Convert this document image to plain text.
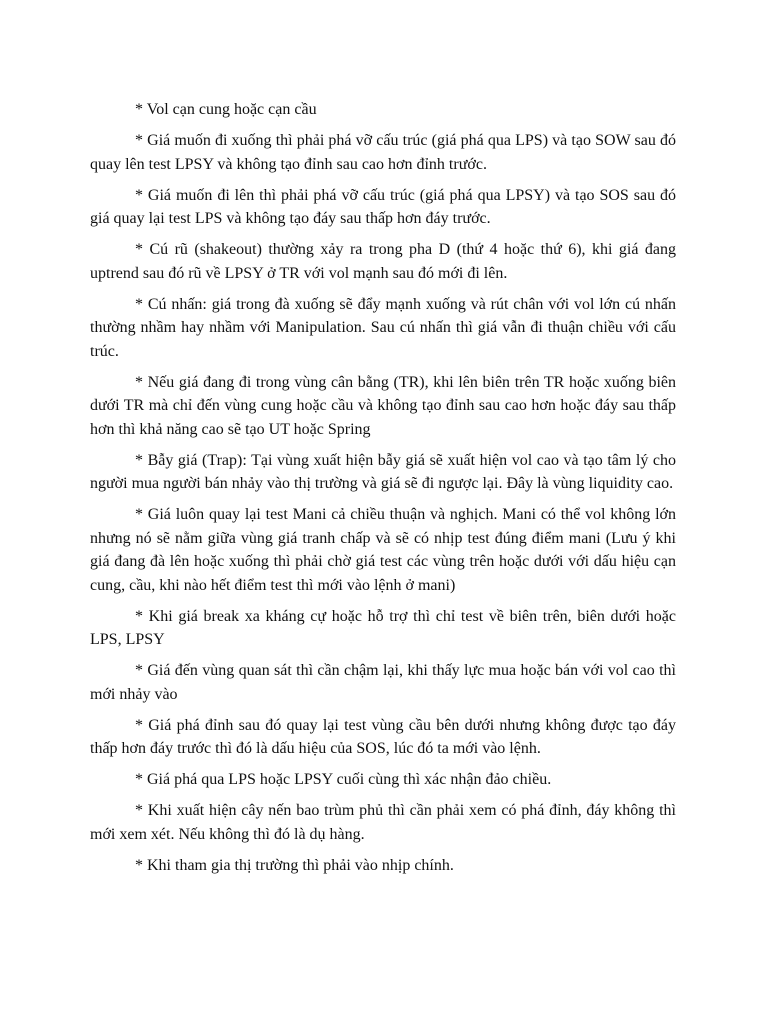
* Vol cạn cung hoặc cạn cầu

* Giá muốn đi xuống thì phải phá vỡ cấu trúc (giá phá qua LPS) và tạo SOW sau đó quay lên test LPSY và không tạo đỉnh sau cao hơn đỉnh trước.

* Giá muốn đi lên thì phải phá vỡ cấu trúc (giá phá qua LPSY) và tạo SOS sau đó giá quay lại test LPS và không tạo đáy sau thấp hơn đáy trước.

* Cú rũ (shakeout) thường xảy ra trong pha D (thứ 4 hoặc thứ 6), khi giá đang uptrend sau đó rũ về LPSY ở TR với vol mạnh sau đó mới đi lên.

* Cú nhấn: giá trong đà xuống sẽ đẩy mạnh xuống và rút chân với vol lớn cú nhấn thường nhầm hay nhầm với Manipulation. Sau cú nhấn thì giá vẫn đi thuận chiều với cấu trúc.

* Nếu giá đang đi trong vùng cân bằng (TR), khi lên biên trên TR hoặc xuống biên dưới TR mà chỉ đến vùng cung hoặc cầu và không tạo đỉnh sau cao hơn hoặc đáy sau thấp hơn thì khả năng cao sẽ tạo UT hoặc Spring

* Bẫy giá (Trap): Tại vùng xuất hiện bẫy giá sẽ xuất hiện vol cao và tạo tâm lý cho người mua người bán nhảy vào thị trường và giá sẽ đi ngược lại. Đây là vùng liquidity cao.

* Giá luôn quay lại test Mani cả chiều thuận và nghịch. Mani có thể vol không lớn nhưng nó sẽ nằm giữa vùng giá tranh chấp và sẽ có nhịp test đúng điểm mani (Lưu ý khi giá đang đà lên hoặc xuống thì phải chờ giá test các vùng trên hoặc dưới với dấu hiệu cạn cung, cầu, khi nào hết điểm test thì mới vào lệnh ở mani)

* Khi giá break xa kháng cự hoặc hỗ trợ thì chỉ test về biên trên, biên dưới hoặc LPS, LPSY

* Giá đến vùng quan sát thì cần chậm lại, khi thấy lực mua hoặc bán với vol cao thì mới nhảy vào

* Giá phá đỉnh sau đó quay lại test vùng cầu bên dưới nhưng không được tạo đáy thấp hơn đáy trước thì đó là dấu hiệu của SOS, lúc đó ta mới vào lệnh.

* Giá phá qua LPS hoặc LPSY cuối cùng thì xác nhận đảo chiều.

* Khi xuất hiện cây nến bao trùm phủ thì cần phải xem có phá đỉnh, đáy không thì mới xem xét. Nếu không thì đó là dụ hàng.

* Khi tham gia thị trường thì phải vào nhịp chính.
